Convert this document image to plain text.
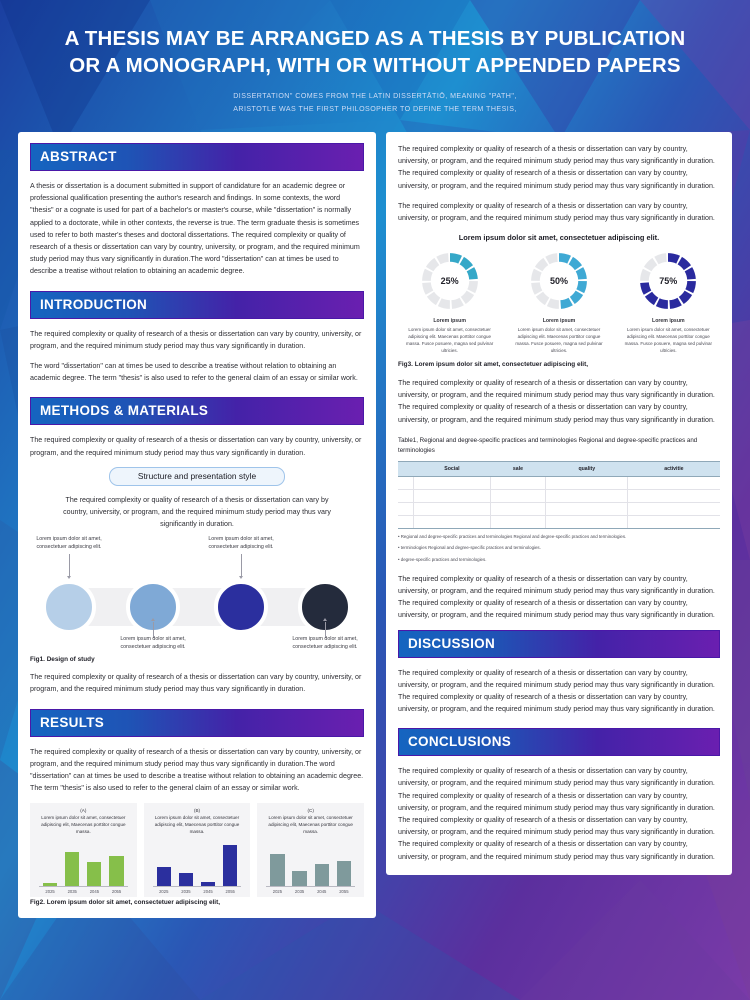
A THESIS MAY BE ARRANGED AS A THESIS BY PUBLICATION OR A MONOGRAPH, WITH OR WITHOUT APPENDED PAPERS
DISSERTATION" COMES FROM THE LATIN DISSERTĀTIŌ, MEANING "PATH",
ARISTOTLE WAS THE FIRST PHILOSOPHER TO DEFINE THE TERM THESIS,
ABSTRACT
A thesis or dissertation is a document submitted in support of candidature for an academic degree or professional qualification presenting the author's research and findings. In some contexts, the word "thesis" or a cognate is used for part of a bachelor's or master's course, while "dissertation" is normally applied to a doctorate, while in other contexts, the reverse is true. The term graduate thesis is sometimes used to refer to both master's theses and doctoral dissertations. The required complexity or quality of research of a thesis or dissertation can vary by country, university, or program, and the required minimum study period may thus vary significantly in duration.The word "dissertation" can at times be used to describe a treatise without relation to obtaining an academic degree.
INTRODUCTION
The required complexity or quality of research of a thesis or dissertation can vary by country, university, or program, and the required minimum study period may thus vary significantly in duration.
The word "dissertation" can at times be used to describe a treatise without relation to obtaining an academic degree. The term "thesis" is also used to refer to the general claim of an essay or similar work.
METHODS & MATERIALS
The required complexity or quality of research of a thesis or dissertation can vary by country, university, or program, and the required minimum study period may thus vary significantly in duration.
Structure and presentation style
The required complexity or quality of research of a thesis or dissertation can vary by country, university, or program, and the required minimum study period may thus vary significantly in duration.
Lorem ipsum dolor sit amet, consectetuer adipiscing elit.
Lorem ipsum dolor sit amet, consectetuer adipiscing elit.
Lorem ipsum dolor sit amet, consectetuer adipiscing elit.
Lorem ipsum dolor sit amet, consectetuer adipiscing elit.
Fig1. Design of study
The required complexity or quality of research of a thesis or dissertation can vary by country, university, or program, and the required minimum study period may thus vary significantly in duration.
RESULTS
The required complexity or quality of research of a thesis or dissertation can vary by country, university, or program, and the required minimum study period may thus vary significantly in duration.The word "dissertation" can at times be used to describe a treatise without relation to obtaining an academic degree. The term "thesis" is also used to refer to the general claim of an essay or similar work.
(A)
Lorem ipsum dolor sit amet, consectetuer adipiscing elit, Maecenas porttitor congue massa.
2025	2035	2045	2055
(B)
Lorem ipsum dolor sit amet, consectetuer adipiscing elit, Maecenas porttitor congue massa.
2025	2035	2045	2055
(C)
Lorem ipsum dolor sit amet, consectetuer adipiscing elit, Maecenas porttitor congue massa.
2025	2035	2045	2055
Fig2. Lorem ipsum dolor sit amet, consectetuer adipiscing elit,
The required complexity or quality of research of a thesis or dissertation can vary by country, university, or program, and the required minimum study period may thus vary significantly in duration. The required complexity or quality of research of a thesis or dissertation can vary by country, university, or program, and the required minimum study period may thus vary significantly in duration.
The required complexity or quality of research of a thesis or dissertation can vary by country, university, or program, and the required minimum study period may thus vary significantly in duration.
Lorem ipsum dolor sit amet, consectetuer adipiscing elit.
25%
Lorem ipsum
Lorem ipsum dolor sit amet, consectetuer adipiscing elit. Maecenas porttitor congue massa. Fusce posuere, magna sed pulvinar ultricies.
50%
Lorem ipsum
Lorem ipsum dolor sit amet, consectetuer adipiscing elit. Maecenas porttitor congue massa. Fusce posuere, magna sed pulvinar ultricies.
75%
Lorem ipsum
Lorem ipsum dolor sit amet, consectetuer adipiscing elit. Maecenas porttitor congue massa. Fusce posuere, magna sed pulvinar ultricies.
Fig3. Lorem ipsum dolor sit amet, consectetuer adipiscing elit,
The required complexity or quality of research of a thesis or dissertation can vary by country, university, or program, and the required minimum study period may thus vary significantly in duration. The required complexity or quality of research of a thesis or dissertation can vary by country, university, or program, and the required minimum study period may thus vary significantly in duration.
Table1, Regional and degree-specific practices and terminologies Regional and degree-specific practices and terminologies
	Social	sale	quality	activitie

• Regional and degree-specific practices and terminologies Regional and degree-specific practices and terminologies.
• terminologies Regional and degree-specific practices and terminologies.
• degree-specific practices and terminologies.
The required complexity or quality of research of a thesis or dissertation can vary by country, university, or program, and the required minimum study period may thus vary significantly in duration. The required complexity or quality of research of a thesis or dissertation can vary by country, university, or program, and the required minimum study period may thus vary significantly in duration.
DISCUSSION
The required complexity or quality of research of a thesis or dissertation can vary by country, university, or program, and the required minimum study period may thus vary significantly in duration. The required complexity or quality of research of a thesis or dissertation can vary by country, university, or program, and the required minimum study period may thus vary significantly in duration.
CONCLUSIONS
The required complexity or quality of research of a thesis or dissertation can vary by country, university, or program, and the required minimum study period may thus vary significantly in duration. The required complexity or quality of research of a thesis or dissertation can vary by country, university, or program, and the required minimum study period may thus vary significantly in duration. The required complexity or quality of research of a thesis or dissertation can vary by country, university, or program, and the required minimum study period may thus vary significantly in duration. The required complexity or quality of research of a thesis or dissertation can vary by country, university, or program, and the required minimum study period may thus vary significantly in duration.
